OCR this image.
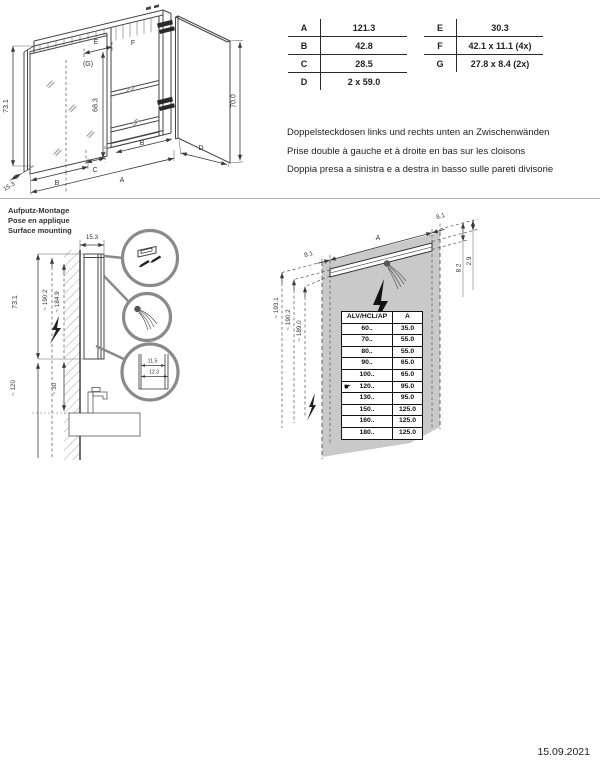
73.1
15.3
68.3
E
(G)
F
70.0
B
C
A
B
D
A	121.3
B	42.8
C	28.5
D	2 x 59.0
E	30.3
F	42.1 x 11.1 (4x)
G	27.8 x 8.4 (2x)
Doppelsteckdosen links und rechts unten an Zwischenwänden
Prise double à gauche et à droite en bas sur les cloisons
Doppia presa a sinistra e a destra in basso sulle pareti divisorie
Aufputz-Montage
Pose en applique
Surface mounting
15.3
73.1	~ 190.2 ~ 184.9
~ 120	~ 30
11.5
12.3
8.1
A
8.1
8.2
2.9
~ 193.1
~ 190.2
~ 189.0
ALV/HCL/AP	A
60..	35.0
70..	55.0
80..	55.0
90..	65.0
100..	65.0

☛ 120..	95.0
130..	95.0
150..	125.0
160..	125.0
180..	125.0
15.09.2021
